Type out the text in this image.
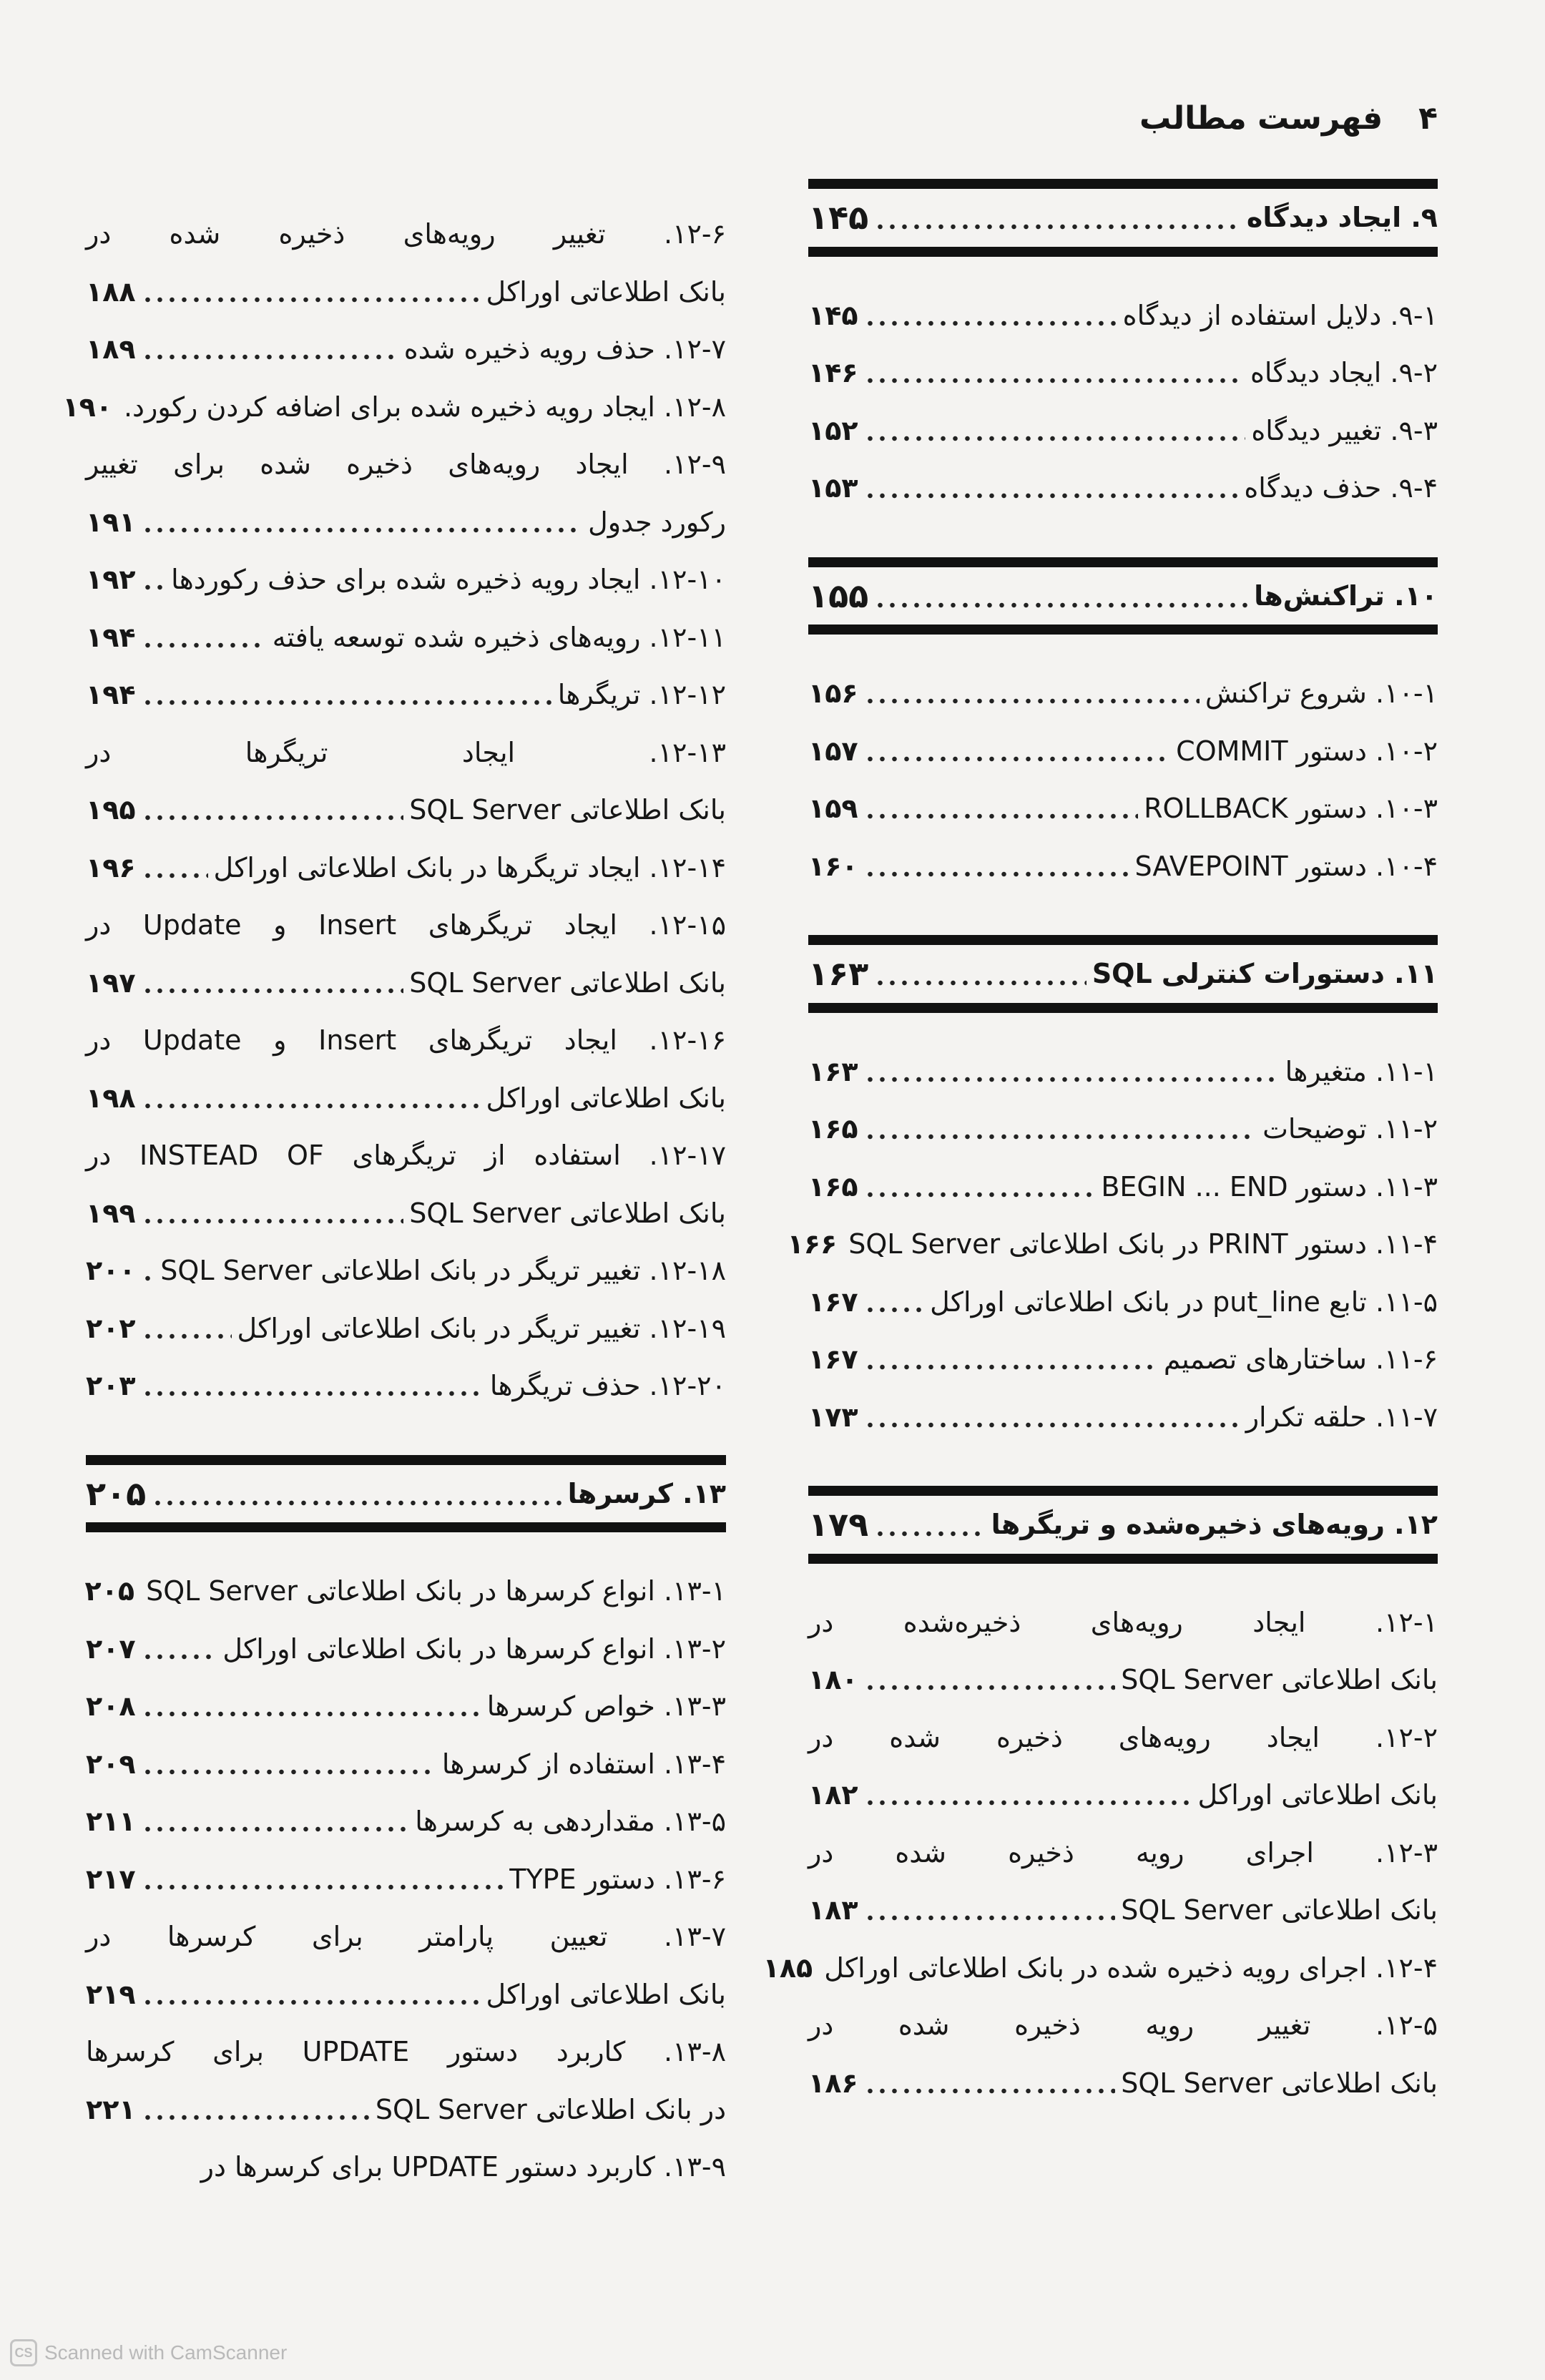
۴
فهرست مطالب
۹. ایجاد دیدگاه
۱۴۵
۹-۱. دلایل استفاده از دیدگاه
۱۴۵
۹-۲. ایجاد دیدگاه
۱۴۶
۹-۳. تغییر دیدگاه
۱۵۲
۹-۴. حذف دیدگاه
۱۵۳
۱۰. تراکنش‌ها
۱۵۵
۱۰-۱. شروع تراکنش
۱۵۶
۱۰-۲. دستور COMMIT
۱۵۷
۱۰-۳. دستور ROLLBACK
۱۵۹
۱۰-۴. دستور SAVEPOINT
۱۶۰
۱۱. دستورات کنترلی SQL
۱۶۳
۱۱-۱. متغیرها
۱۶۳
۱۱-۲. توضیحات
۱۶۵
۱۱-۳. دستور BEGIN ... END
۱۶۵
۱۱-۴. دستور PRINT در بانک اطلاعاتی SQL Server
۱۶۶
۱۱-۵. تابع put_line در بانک اطلاعاتی اوراکل
۱۶۷
۱۱-۶. ساختارهای تصمیم
۱۶۷
۱۱-۷. حلقه تکرار
۱۷۳
۱۲. رویه‌های ذخیره‌شده و تریگرها
۱۷۹
۱۲-۱. ایجاد رویه‌های ذخیره‌شده در
بانک اطلاعاتی SQL Server
۱۸۰
۱۲-۲. ایجاد رویه‌های ذخیره شده در
بانک اطلاعاتی اوراکل
۱۸۲
۱۲-۳. اجرای رویه ذخیره شده در
بانک اطلاعاتی SQL Server
۱۸۳
۱۲-۴. اجرای رویه ذخیره شده در بانک اطلاعاتی اوراکل
۱۸۵
۱۲-۵. تغییر رویه ذخیره شده در
بانک اطلاعاتی SQL Server
۱۸۶
۱۲-۶. تغییر رویه‌های ذخیره شده در
بانک اطلاعاتی اوراکل
۱۸۸
۱۲-۷. حذف رویه ذخیره شده
۱۸۹
۱۲-۸. ایجاد رویه ذخیره شده برای اضافه کردن رکورد.
۱۹۰
۱۲-۹. ایجاد رویه‌های ذخیره شده برای تغییر
رکورد جدول
۱۹۱
۱۲-۱۰. ایجاد رویه ذخیره شده برای حذف رکوردها
۱۹۲
۱۲-۱۱. رویه‌های ذخیره شده توسعه یافته
۱۹۴
۱۲-۱۲. تریگرها
۱۹۴
۱۲-۱۳. ایجاد تریگرها در
بانک اطلاعاتی SQL Server
۱۹۵
۱۲-۱۴. ایجاد تریگرها در بانک اطلاعاتی اوراکل
۱۹۶
۱۲-۱۵. ایجاد تریگرهای Insert و Update در
بانک اطلاعاتی SQL Server
۱۹۷
۱۲-۱۶. ایجاد تریگرهای Insert و Update در
بانک اطلاعاتی اوراکل
۱۹۸
۱۲-۱۷. استفاده از تریگرهای INSTEAD OF در
بانک اطلاعاتی SQL Server
۱۹۹
۱۲-۱۸. تغییر تریگر در بانک اطلاعاتی SQL Server
۲۰۰
۱۲-۱۹. تغییر تریگر در بانک اطلاعاتی اوراکل
۲۰۲
۱۲-۲۰. حذف تریگرها
۲۰۳
۱۳. کرسرها
۲۰۵
۱۳-۱. انواع کرسرها در بانک اطلاعاتی SQL Server
۲۰۵
۱۳-۲. انواع کرسرها در بانک اطلاعاتی اوراکل
۲۰۷
۱۳-۳. خواص کرسرها
۲۰۸
۱۳-۴. استفاده از کرسرها
۲۰۹
۱۳-۵. مقداردهی به کرسرها
۲۱۱
۱۳-۶. دستور TYPE
۲۱۷
۱۳-۷. تعیین پارامتر برای کرسرها در
بانک اطلاعاتی اوراکل
۲۱۹
۱۳-۸. کاربرد دستور UPDATE برای کرسرها
در بانک اطلاعاتی SQL Server
۲۲۱
۱۳-۹. کاربرد دستور UPDATE برای کرسرها در
CS Scanned with CamScanner
